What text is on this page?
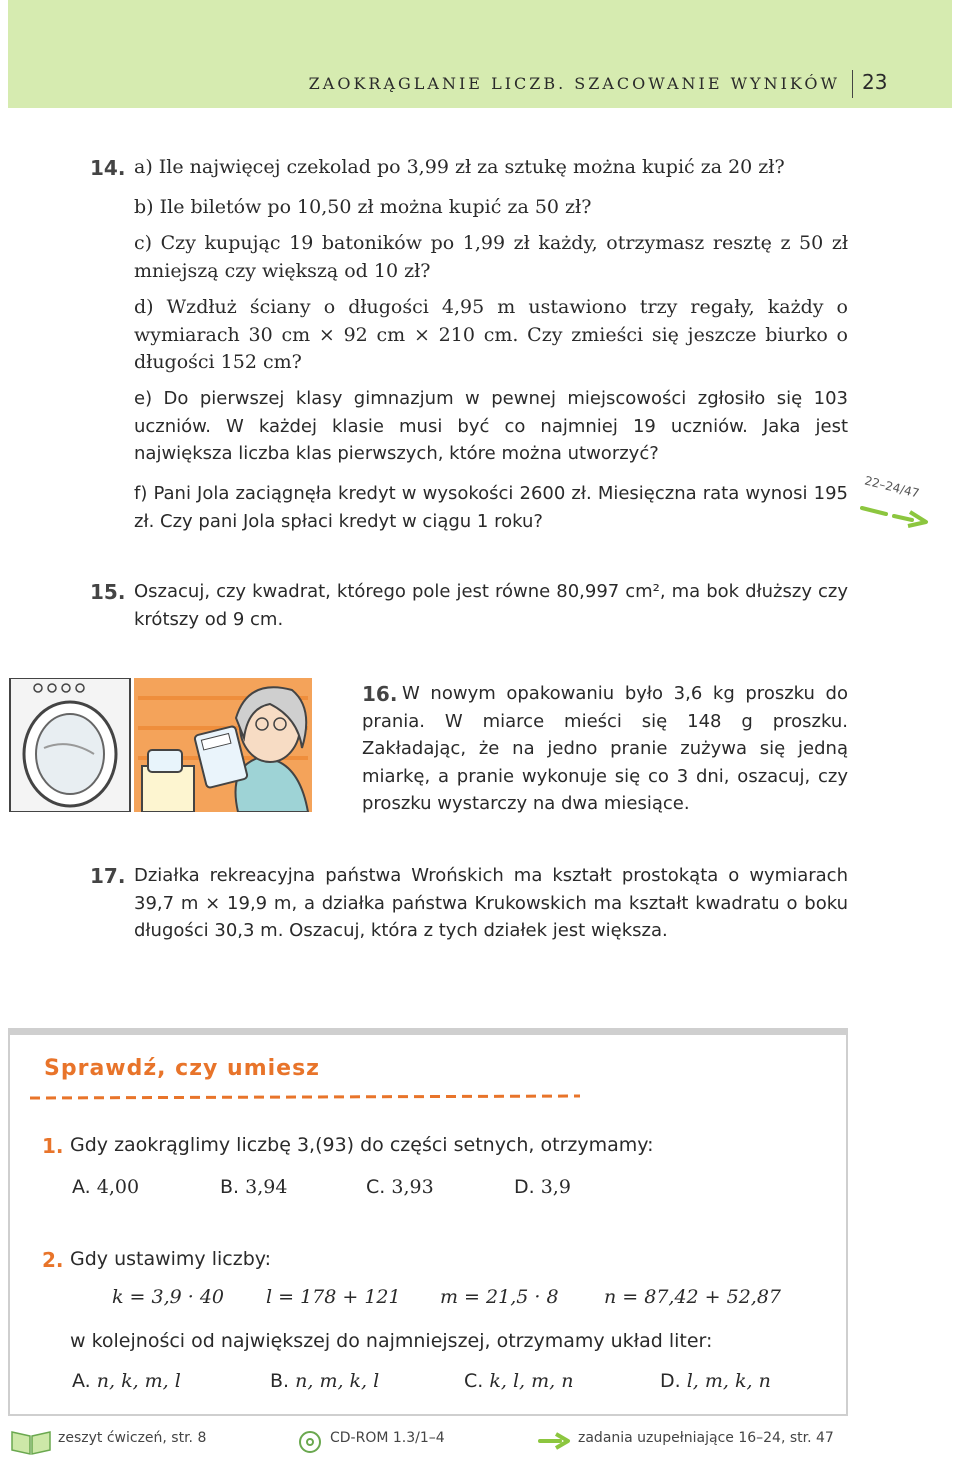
ZAOKRĄGLANIE LICZB. SZACOWANIE WYNIKÓW 23
14. a) Ile najwięcej czekolad po 3,99 zł za sztukę można kupić za 20 zł?
b) Ile biletów po 10,50 zł można kupić za 50 zł?
c) Czy kupując 19 batoników po 1,99 zł każdy, otrzymasz resztę z 50 zł mniejszą czy większą od 10 zł?
d) Wzdłuż ściany o długości 4,95 m ustawiono trzy regały, każdy o wymiarach 30 cm × 92 cm × 210 cm. Czy zmieści się jeszcze biurko o długości 152 cm?
e) Do pierwszej klasy gimnazjum w pewnej miejscowości zgłosiło się 103 uczniów. W każdej klasie musi być co najmniej 19 uczniów. Jaka jest największa liczba klas pierwszych, które można utworzyć?
f) Pani Jola zaciągnęła kredyt w wysokości 2600 zł. Miesięczna rata wynosi 195 zł. Czy pani Jola spłaci kredyt w ciągu 1 roku?
22–24/47
15. Oszacuj, czy kwadrat, którego pole jest równe 80,997 cm², ma bok dłuższy czy krótszy od 9 cm.
16. W nowym opakowaniu było 3,6 kg proszku do prania. W miarce mieści się 148 g proszku. Zakładając, że na jedno pranie zużywa się jedną miarkę, a pranie wykonuje się co 3 dni, oszacuj, czy proszku wystarczy na dwa miesiące.
17. Działka rekreacyjna państwa Wrońskich ma kształt prostokąta o wymiarach 39,7 m × 19,9 m, a działka państwa Krukowskich ma kształt kwadratu o boku długości 30,3 m. Oszacuj, która z tych działek jest większa.
Sprawdź, czy umiesz
1. Gdy zaokrąglimy liczbę 3,(93) do części setnych, otrzymamy:
A. 4,00	B. 3,94	C. 3,93	D. 3,9
2. Gdy ustawimy liczby:
k = 3,9 · 40 l = 178 + 121 m = 21,5 · 8 n = 87,42 + 52,87
w kolejności od największej do najmniejszej, otrzymamy układ liter:
A. n, k, m, l	B. n, m, k, l	C. k, l, m, n	D. l, m, k, n
zeszyt ćwiczeń, str. 8	CD-ROM 1.3/1–4	zadania uzupełniające 16–24, str. 47
